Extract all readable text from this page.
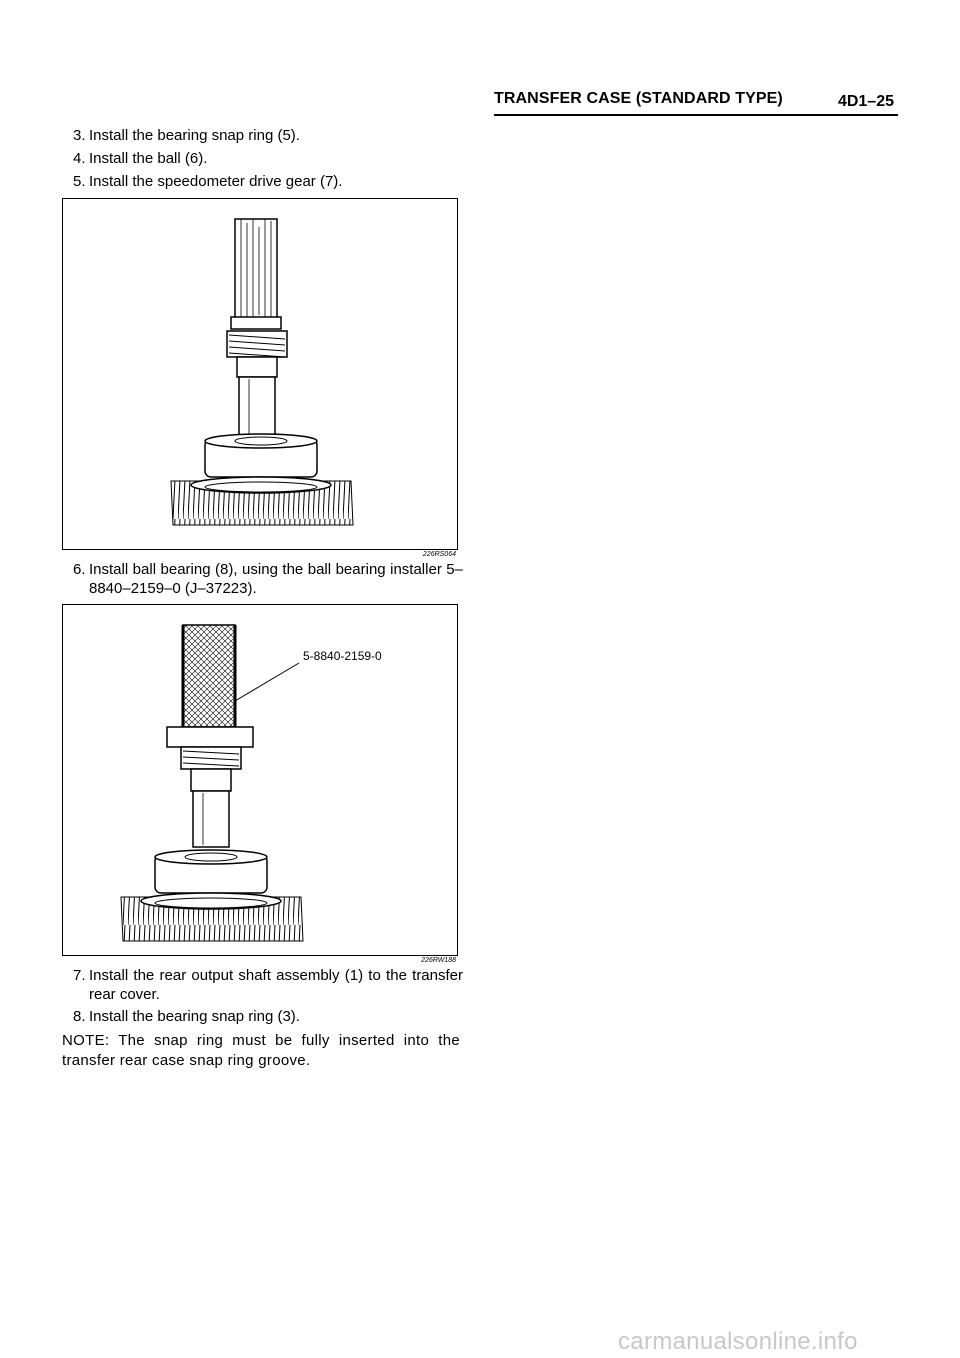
TRANSFER CASE (STANDARD TYPE)	4D1–25
3. Install the bearing snap ring (5).
4. Install the ball (6).
5. Install the speedometer drive gear (7).
226RS064
6. Install ball bearing (8), using the ball bearing installer 5–8840–2159–0 (J–37223).
5-8840-2159-0
226RW188
7. Install the rear output shaft assembly (1) to the transfer rear cover.
8. Install the bearing snap ring (3).
NOTE: The snap ring must be fully inserted into the transfer rear case snap ring groove.
carmanualsonline.info
